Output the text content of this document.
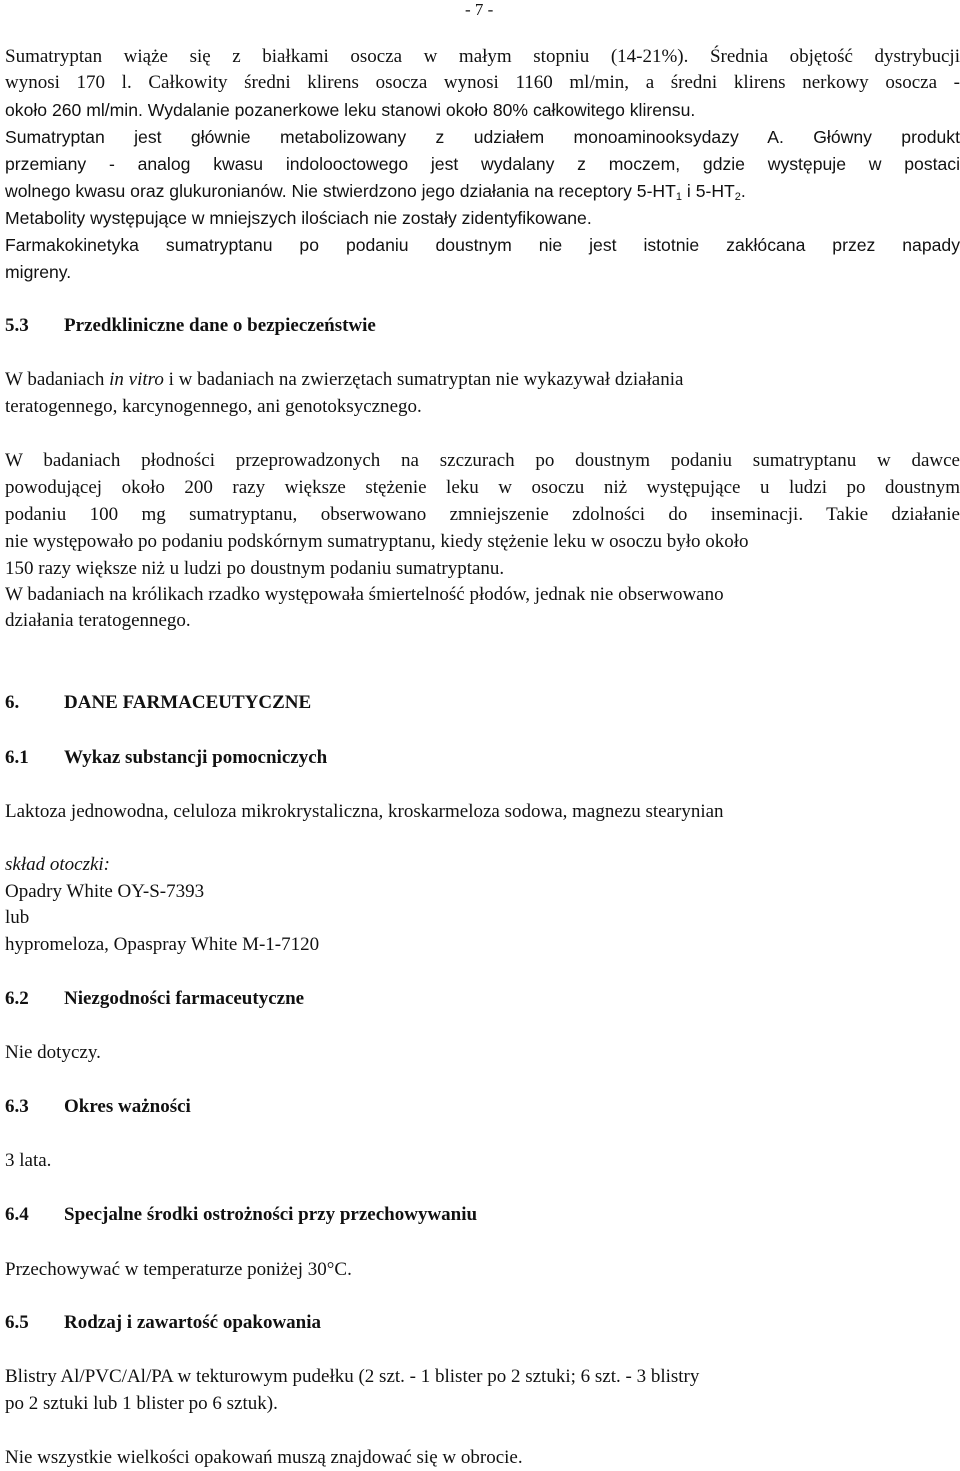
- 7 -
Sumatryptan wiąże się z białkami osocza w małym stopniu (14-21%). Średnia objętość dystrybucji
wynosi 170 l. Całkowity średni klirens osocza wynosi 1160 ml/min, a średni klirens nerkowy osocza -
około 260 ml/min. Wydalanie pozanerkowe leku stanowi około 80% całkowitego klirensu.
Sumatryptan jest głównie metabolizowany z udziałem monoaminooksydazy A. Główny produkt
przemiany - analog kwasu indolooctowego jest wydalany z moczem, gdzie występuje w postaci
wolnego kwasu oraz glukuronianów. Nie stwierdzono jego działania na receptory $5-HT_1$ i $5-HT_2$.
Metabolity występujące w mniejszych ilościach nie zostały zidentyfikowane.
Farmakokinetyka sumatryptanu po podaniu doustnym nie jest istotnie zakłócana przez napady
migreny.
5.3 Przedkliniczne dane o bezpieczeństwie
W badaniach in vitro i w badaniach na zwierzętach sumatryptan nie wykazywał działania
teratogennego, karcynogennego, ani genotoksycznego.
W badaniach płodności przeprowadzonych na szczurach po doustnym podaniu sumatryptanu w dawce
powodującej około 200 razy większe stężenie leku w osoczu niż występujące u ludzi po doustnym
podaniu 100 mg sumatryptanu, obserwowano zmniejszenie zdolności do inseminacji. Takie działanie
nie występowało po podaniu podskórnym sumatryptanu, kiedy stężenie leku w osoczu było około
150 razy większe niż u ludzi po doustnym podaniu sumatryptanu.
W badaniach na królikach rzadko występowała śmiertelność płodów, jednak nie obserwowano
działania teratogennego.
6. DANE FARMACEUTYCZNE
6.1 Wykaz substancji pomocniczych
Laktoza jednowodna, celuloza mikrokrystaliczna, kroskarmeloza sodowa, magnezu stearynian
skład otoczki:
Opadry White OY-S-7393
lub
hypromeloza, Opaspray White M-1-7120
6.2 Niezgodności farmaceutyczne
Nie dotyczy.
6.3 Okres ważności
3 lata.
6.4 Specjalne środki ostrożności przy przechowywaniu
Przechowywać w temperaturze poniżej 30°C.
6.5 Rodzaj i zawartość opakowania
Blistry Al/PVC/Al/PA w tekturowym pudełku (2 szt. - 1 blister po 2 sztuki; 6 szt. - 3 blistry
po 2 sztuki lub 1 blister po 6 sztuk).
Nie wszystkie wielkości opakowań muszą znajdować się w obrocie.
